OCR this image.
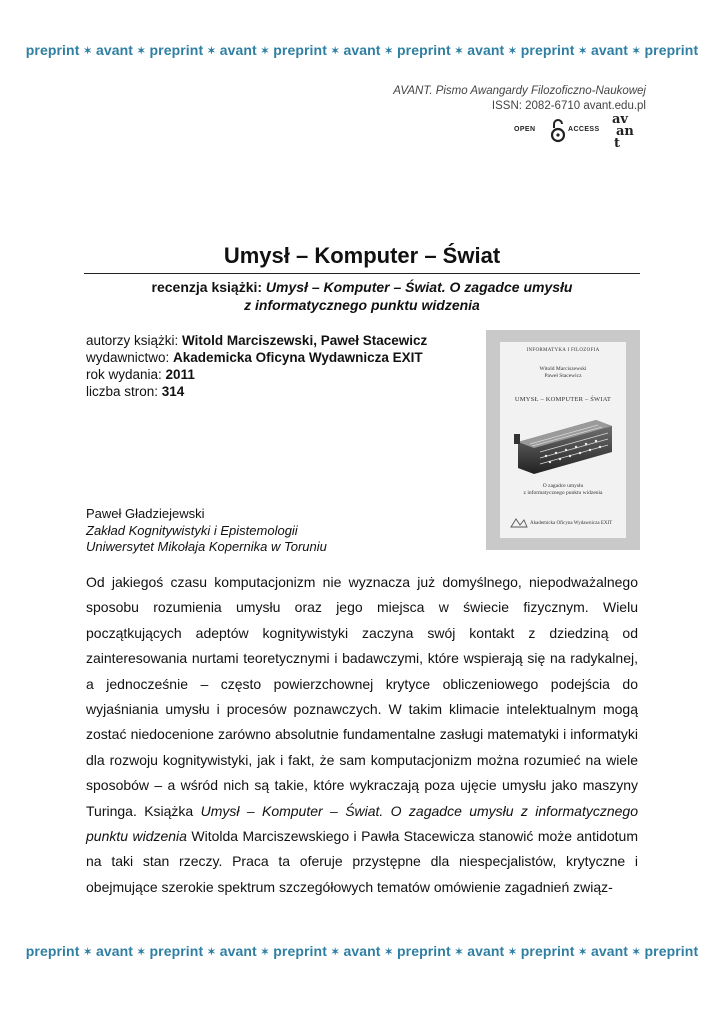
preprint ✶ avant ✶ preprint ✶ avant ✶ preprint ✶ avant ✶ preprint ✶ avant ✶ preprint ✶ avant ✶ preprint
AVANT. Pismo Awangardy Filozoficzno-Naukowej
ISSN: 2082-6710 avant.edu.pl
OPEN	ACCESS
av
an
t
Umysł – Komputer – Świat
recenzja książki: Umysł – Komputer – Świat. O zagadce umysłu
z informatycznego punktu widzenia
autorzy książki: Witold Marciszewski, Paweł Stacewicz
wydawnictwo: Akademicka Oficyna Wydawnicza EXIT
rok wydania: 2011
liczba stron: 314
Paweł Gładziejewski
Zakład Kognitywistyki i Epistemologii
Uniwersytet Mikołaja Kopernika w Toruniu
INFORMATYKA I FILOZOFIA
Witold Marciszewski
Paweł Stacewicz
UMYSŁ – KOMPUTER – ŚWIAT
O zagadce umysłu
z informatycznego punktu widzenia
Akademicka Oficyna Wydawnicza EXIT
Od jakiegoś czasu komputacjonizm nie wyznacza już domyślnego, niepodważalnego sposobu rozumienia umysłu oraz jego miejsca w świecie fizycznym. Wielu początkujących adeptów kognitywistyki zaczyna swój kontakt z dziedziną od zainteresowania nurtami teoretycznymi i badawczymi, które wspierają się na radykalnej, a jednocześnie – często powierzchownej krytyce obliczeniowego podejścia do wyjaśniania umysłu i procesów poznawczych. W takim klimacie intelektualnym mogą zostać niedocenione zarówno absolutnie fundamentalne zasługi matematyki i informatyki dla rozwoju kognitywistyki, jak i fakt, że sam komputacjonizm można rozumieć na wiele sposobów – a wśród nich są takie, które wykraczają poza ujęcie umysłu jako maszyny Turinga. Książka Umysł – Komputer – Świat. O zagadce umysłu z informatycznego punktu widzenia Witolda Marciszewskiego i Pawła Stacewicza stanowić może antidotum na taki stan rzeczy. Praca ta oferuje przystępne dla niespecjalistów, krytyczne i obejmujące szerokie spektrum szczegółowych tematów omówienie zagadnień związ-
preprint ✶ avant ✶ preprint ✶ avant ✶ preprint ✶ avant ✶ preprint ✶ avant ✶ preprint ✶ avant ✶ preprint
